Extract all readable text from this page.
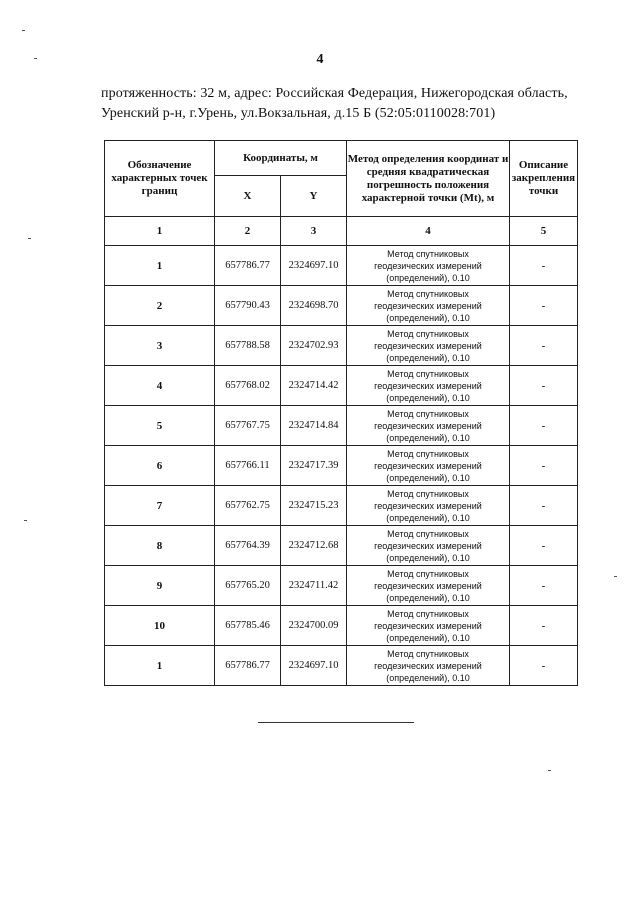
4
протяженность: 32 м, адрес: Российская Федерация, Нижегородская область,
Уренский р-н, г.Урень, ул.Вокзальная, д.15 Б (52:05:0110028:701)
Обозначение характерных точек границ	Координаты, м		Метод определения координат и средняя квадратическая погрешность положения характерной точки (Mt), м	Описание закрепления точки
	X	Y		
1	2	3	4	5
1	657786.77	2324697.10	Метод спутниковых
геодезических измерений
(определений), 0.10	-
2	657790.43	2324698.70	Метод спутниковых
геодезических измерений
(определений), 0.10	-
3	657788.58	2324702.93	Метод спутниковых
геодезических измерений
(определений), 0.10	-
4	657768.02	2324714.42	Метод спутниковых
геодезических измерений
(определений), 0.10	-
5	657767.75	2324714.84	Метод спутниковых
геодезических измерений
(определений), 0.10	-
6	657766.11	2324717.39	Метод спутниковых
геодезических измерений
(определений), 0.10	-
7	657762.75	2324715.23	Метод спутниковых
геодезических измерений
(определений), 0.10	-
8	657764.39	2324712.68	Метод спутниковых
геодезических измерений
(определений), 0.10	-
9	657765.20	2324711.42	Метод спутниковых
геодезических измерений
(определений), 0.10	-
10	657785.46	2324700.09	Метод спутниковых
геодезических измерений
(определений), 0.10	-
1	657786.77	2324697.10	Метод спутниковых
геодезических измерений
(определений), 0.10	-
